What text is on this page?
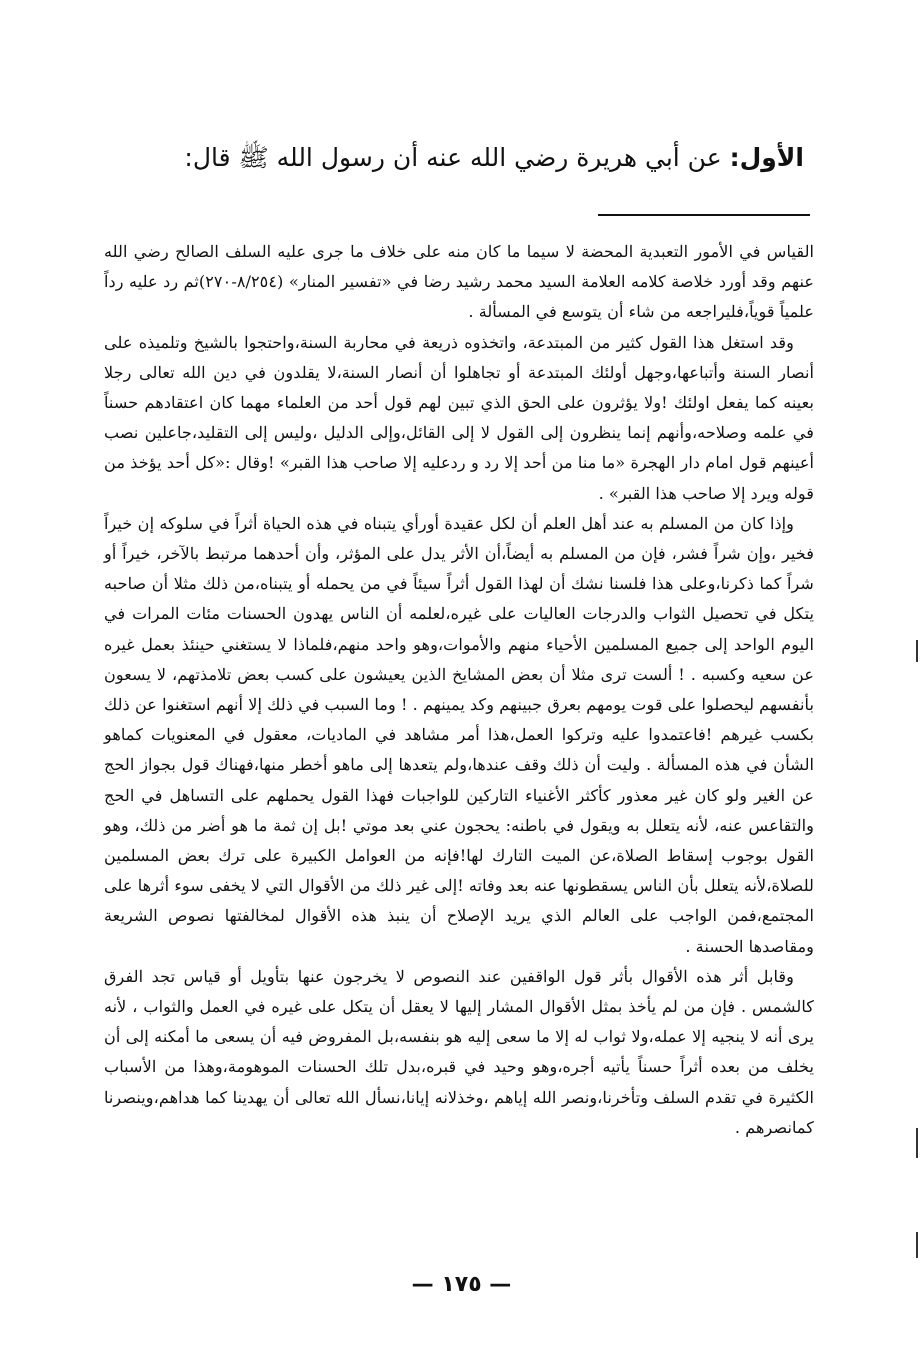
الأول: عن أبي هريرة رضي الله عنه أن رسول الله ﷺ قال:

القياس في الأمور التعبدية المحضة لا سيما ما كان منه على خلاف ما جرى عليه السلف الصالح رضي الله عنهم وقد أورد خلاصة كلامه العلامة السيد محمد رشيد رضا في «تفسير المنار» (٨/٢٥٤-٢٧٠)ثم رد عليه رداً علمياً قوياً،فليراجعه من شاء أن يتوسع في المسألة .

وقد استغل هذا القول كثير من المبتدعة، واتخذوه ذريعة في محاربة السنة،واحتجوا بالشيخ وتلميذه على أنصار السنة وأتباعها،وجهل أولئك المبتدعة أو تجاهلوا أن أنصار السنة،لا يقلدون في دين الله تعالى رجلا بعينه كما يفعل اولئك !ولا يؤثرون على الحق الذي تبين لهم قول أحد من العلماء مهما كان اعتقادهم حسناً في علمه وصلاحه،وأنهم إنما ينظرون إلى القول لا إلى القائل،وإلى الدليل ،وليس إلى التقليد،جاعلين نصب أعينهم قول امام دار الهجرة «ما منا من أحد إلا رد و ردعليه إلا صاحب هذا القبر» !وقال :«كل أحد يؤخذ من قوله ويرد إلا صاحب هذا القبر» .

وإذا كان من المسلم به عند أهل العلم أن لكل عقيدة أورأي يتبناه في هذه الحياة أثراً في سلوكه إن خيراً فخير ،وإن شراً فشر، فإن من المسلم به أيضاً،أن الأثر يدل على المؤثر، وأن أحدهما مرتبط بالآخر، خيراً أو شراً كما ذكرنا،وعلى هذا فلسنا نشك أن لهذا القول أثراً سيئاً في من يحمله أو يتبناه،من ذلك مثلا أن صاحبه يتكل في تحصيل الثواب والدرجات العاليات على غيره،لعلمه أن الناس يهدون الحسنات مئات المرات في اليوم الواحد إلى جميع المسلمين الأحياء منهم والأموات،وهو واحد منهم،فلماذا لا يستغني حينئذ بعمل غيره عن سعيه وكسبه . ! ألست ترى مثلا أن بعض المشايخ الذين يعيشون على كسب بعض تلامذتهم، لا يسعون بأنفسهم ليحصلوا على قوت يومهم بعرق جبينهم وكد يمينهم . ! وما السبب في ذلك إلا أنهم استغنوا عن ذلك بكسب غيرهم !فاعتمدوا عليه وتركوا العمل،هذا أمر مشاهد في الماديات، معقول في المعنويات كماهو الشأن في هذه المسألة . وليت أن ذلك وقف عندها،ولم يتعدها إلى ماهو أخطر منها،فهناك قول بجواز الحج عن الغير ولو كان غير معذور كأكثر الأغنياء التاركين للواجبات فهذا القول يحملهم على التساهل في الحج والتقاعس عنه، لأنه يتعلل به ويقول في باطنه: يحجون عني بعد موتي !بل إن ثمة ما هو أضر من ذلك، وهو القول بوجوب إسقاط الصلاة،عن الميت التارك لها!فإنه من العوامل الكبيرة على ترك بعض المسلمين للصلاة،لأنه يتعلل بأن الناس يسقطونها عنه بعد وفاته !إلى غير ذلك من الأقوال التي لا يخفى سوء أثرها على المجتمع،فمن الواجب على العالم الذي يريد الإصلاح أن ينبذ هذه الأقوال لمخالفتها نصوص الشريعة ومقاصدها الحسنة .

وقابل أثر هذه الأقوال بأثر قول الواقفين عند النصوص لا يخرجون عنها بتأويل أو قياس تجد الفرق كالشمس . فإن من لم يأخذ بمثل الأقوال المشار إليها لا يعقل أن يتكل على غيره في العمل والثواب ، لأنه يرى أنه لا ينجيه إلا عمله،ولا ثواب له إلا ما سعى إليه هو بنفسه،بل المفروض فيه أن يسعى ما أمكنه إلى أن يخلف من بعده أثراً حسناً يأتيه أجره،وهو وحيد في قبره،بدل تلك الحسنات الموهومة،وهذا من الأسباب الكثيرة في تقدم السلف وتأخرنا،ونصر الله إياهم ،وخذلانه إيانا،نسأل الله تعالى أن يهدينا كما هداهم،وينصرنا كمانصرهم .

— ١٧٥ —
